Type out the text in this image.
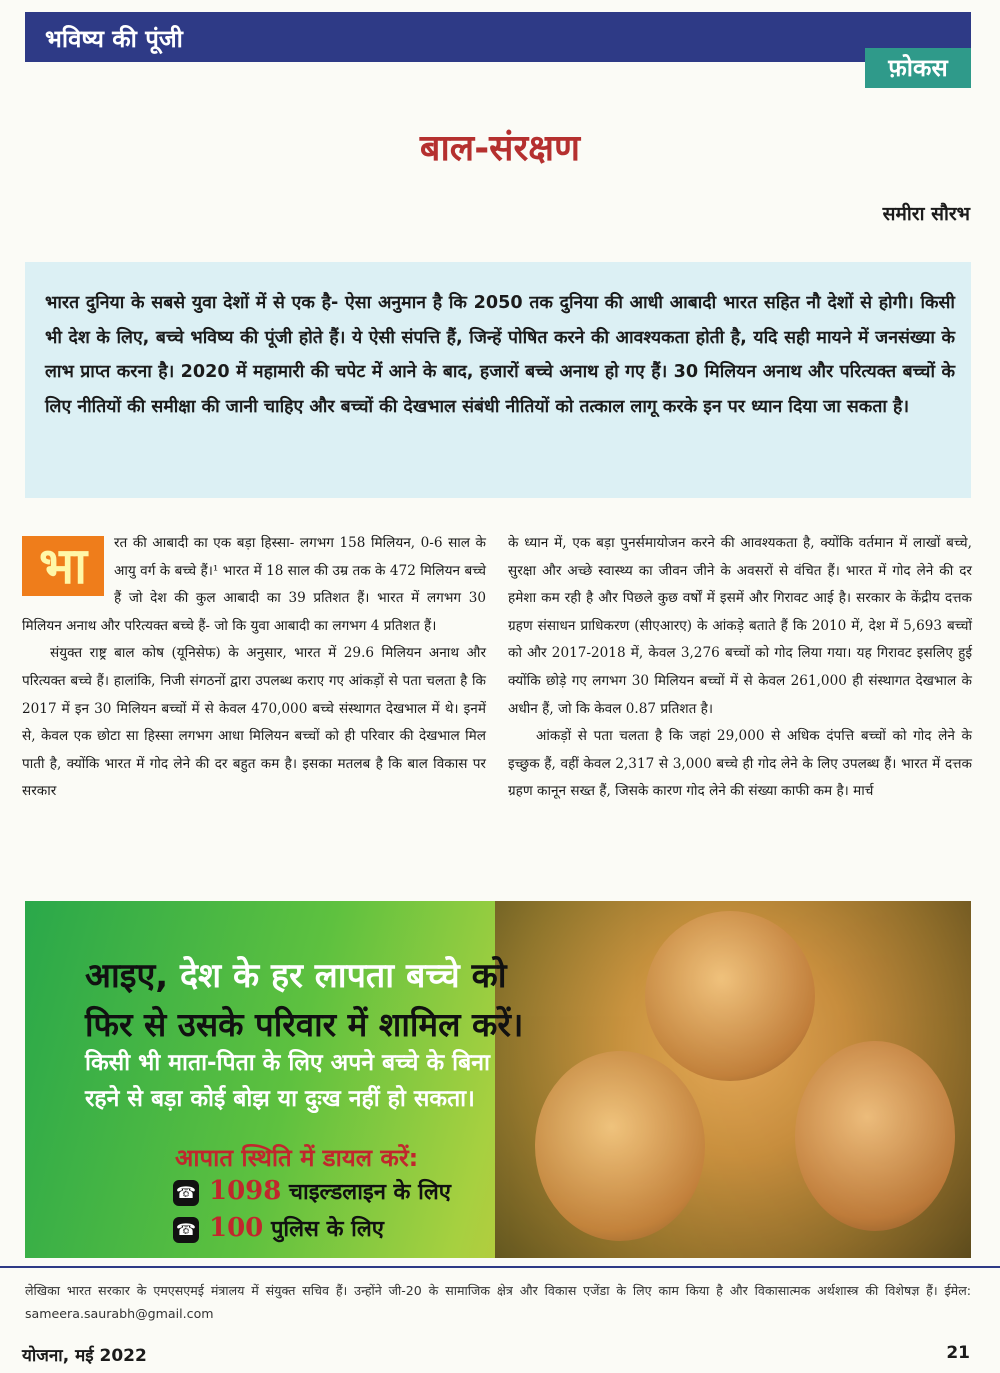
भविष्य की पूंजी
फ़ोकस
बाल-संरक्षण
समीरा सौरभ

भारत दुनिया के सबसे युवा देशों में से एक है- ऐसा अनुमान है कि 2050 तक दुनिया की आधी आबादी भारत सहित नौ देशों से होगी। किसी भी देश के लिए, बच्चे भविष्य की पूंजी होते हैं। ये ऐसी संपत्ति हैं, जिन्हें पोषित करने की आवश्यकता होती है, यदि सही मायने में जनसंख्या के लाभ प्राप्त करना है। 2020 में महामारी की चपेट में आने के बाद, हजारों बच्चे अनाथ हो गए हैं। 30 मिलियन अनाथ और परित्यक्त बच्चों के लिए नीतियों की समीक्षा की जानी चाहिए और बच्चों की देखभाल संबंधी नीतियों को तत्काल लागू करके इन पर ध्यान दिया जा सकता है।

भा	रत की आबादी का एक बड़ा हिस्सा- लगभग 158 मिलियन, 0-6 साल के आयु वर्ग के बच्चे हैं।¹ भारत में 18 साल की उम्र तक के 472 मिलियन बच्चे हैं जो देश की कुल आबादी का 39 प्रतिशत हैं। भारत में लगभग 30 मिलियन अनाथ और परित्यक्त बच्चे हैं- जो कि युवा आबादी का लगभग 4 प्रतिशत हैं।

संयुक्त राष्ट्र बाल कोष (यूनिसेफ) के अनुसार, भारत में 29.6 मिलियन अनाथ और परित्यक्त बच्चे हैं। हालांकि, निजी संगठनों द्वारा उपलब्ध कराए गए आंकड़ों से पता चलता है कि 2017 में इन 30 मिलियन बच्चों में से केवल 470,000 बच्चे संस्थागत देखभाल में थे। इनमें से, केवल एक छोटा सा हिस्सा लगभग आधा मिलियन बच्चों को ही परिवार की देखभाल मिल पाती है, क्योंकि भारत में गोद लेने की दर बहुत कम है। इसका मतलब है कि बाल विकास पर सरकार

के ध्यान में, एक बड़ा पुनर्समायोजन करने की आवश्यकता है, क्योंकि वर्तमान में लाखों बच्चे, सुरक्षा और अच्छे स्वास्थ्य का जीवन जीने के अवसरों से वंचित हैं। भारत में गोद लेने की दर हमेशा कम रही है और पिछले कुछ वर्षों में इसमें और गिरावट आई है। सरकार के केंद्रीय दत्तक ग्रहण संसाधन प्राधिकरण (सीएआरए) के आंकड़े बताते हैं कि 2010 में, देश में 5,693 बच्चों को और 2017-2018 में, केवल 3,276 बच्चों को गोद लिया गया। यह गिरावट इसलिए हुई क्योंकि छोड़े गए लगभग 30 मिलियन बच्चों में से केवल 261,000 ही संस्थागत देखभाल के अधीन हैं, जो कि केवल 0.87 प्रतिशत है।

आंकड़ों से पता चलता है कि जहां 29,000 से अधिक दंपत्ति बच्चों को गोद लेने के इच्छुक हैं, वहीं केवल 2,317 से 3,000 बच्चे ही गोद लेने के लिए उपलब्ध हैं। भारत में दत्तक ग्रहण कानून सख्त हैं, जिसके कारण गोद लेने की संख्या काफी कम है। मार्च

आइए, देश के हर लापता बच्चे को
फिर से उसके परिवार में शामिल करें।
किसी भी माता-पिता के लिए अपने बच्चे के बिना
रहने से बड़ा कोई बोझ या दुःख नहीं हो सकता।
आपात स्थिति में डायल करें:
☎ 1098 चाइल्डलाइन के लिए
☎ 100 पुलिस के लिए
लेखिका भारत सरकार के एमएसएमई मंत्रालय में संयुक्त सचिव हैं। उन्होंने जी-20 के सामाजिक क्षेत्र और विकास एजेंडा के लिए काम किया है और विकासात्मक अर्थशास्त्र की विशेषज्ञ हैं। ईमेल: sameera.saurabh@gmail.com
योजना, मई 2022	21
